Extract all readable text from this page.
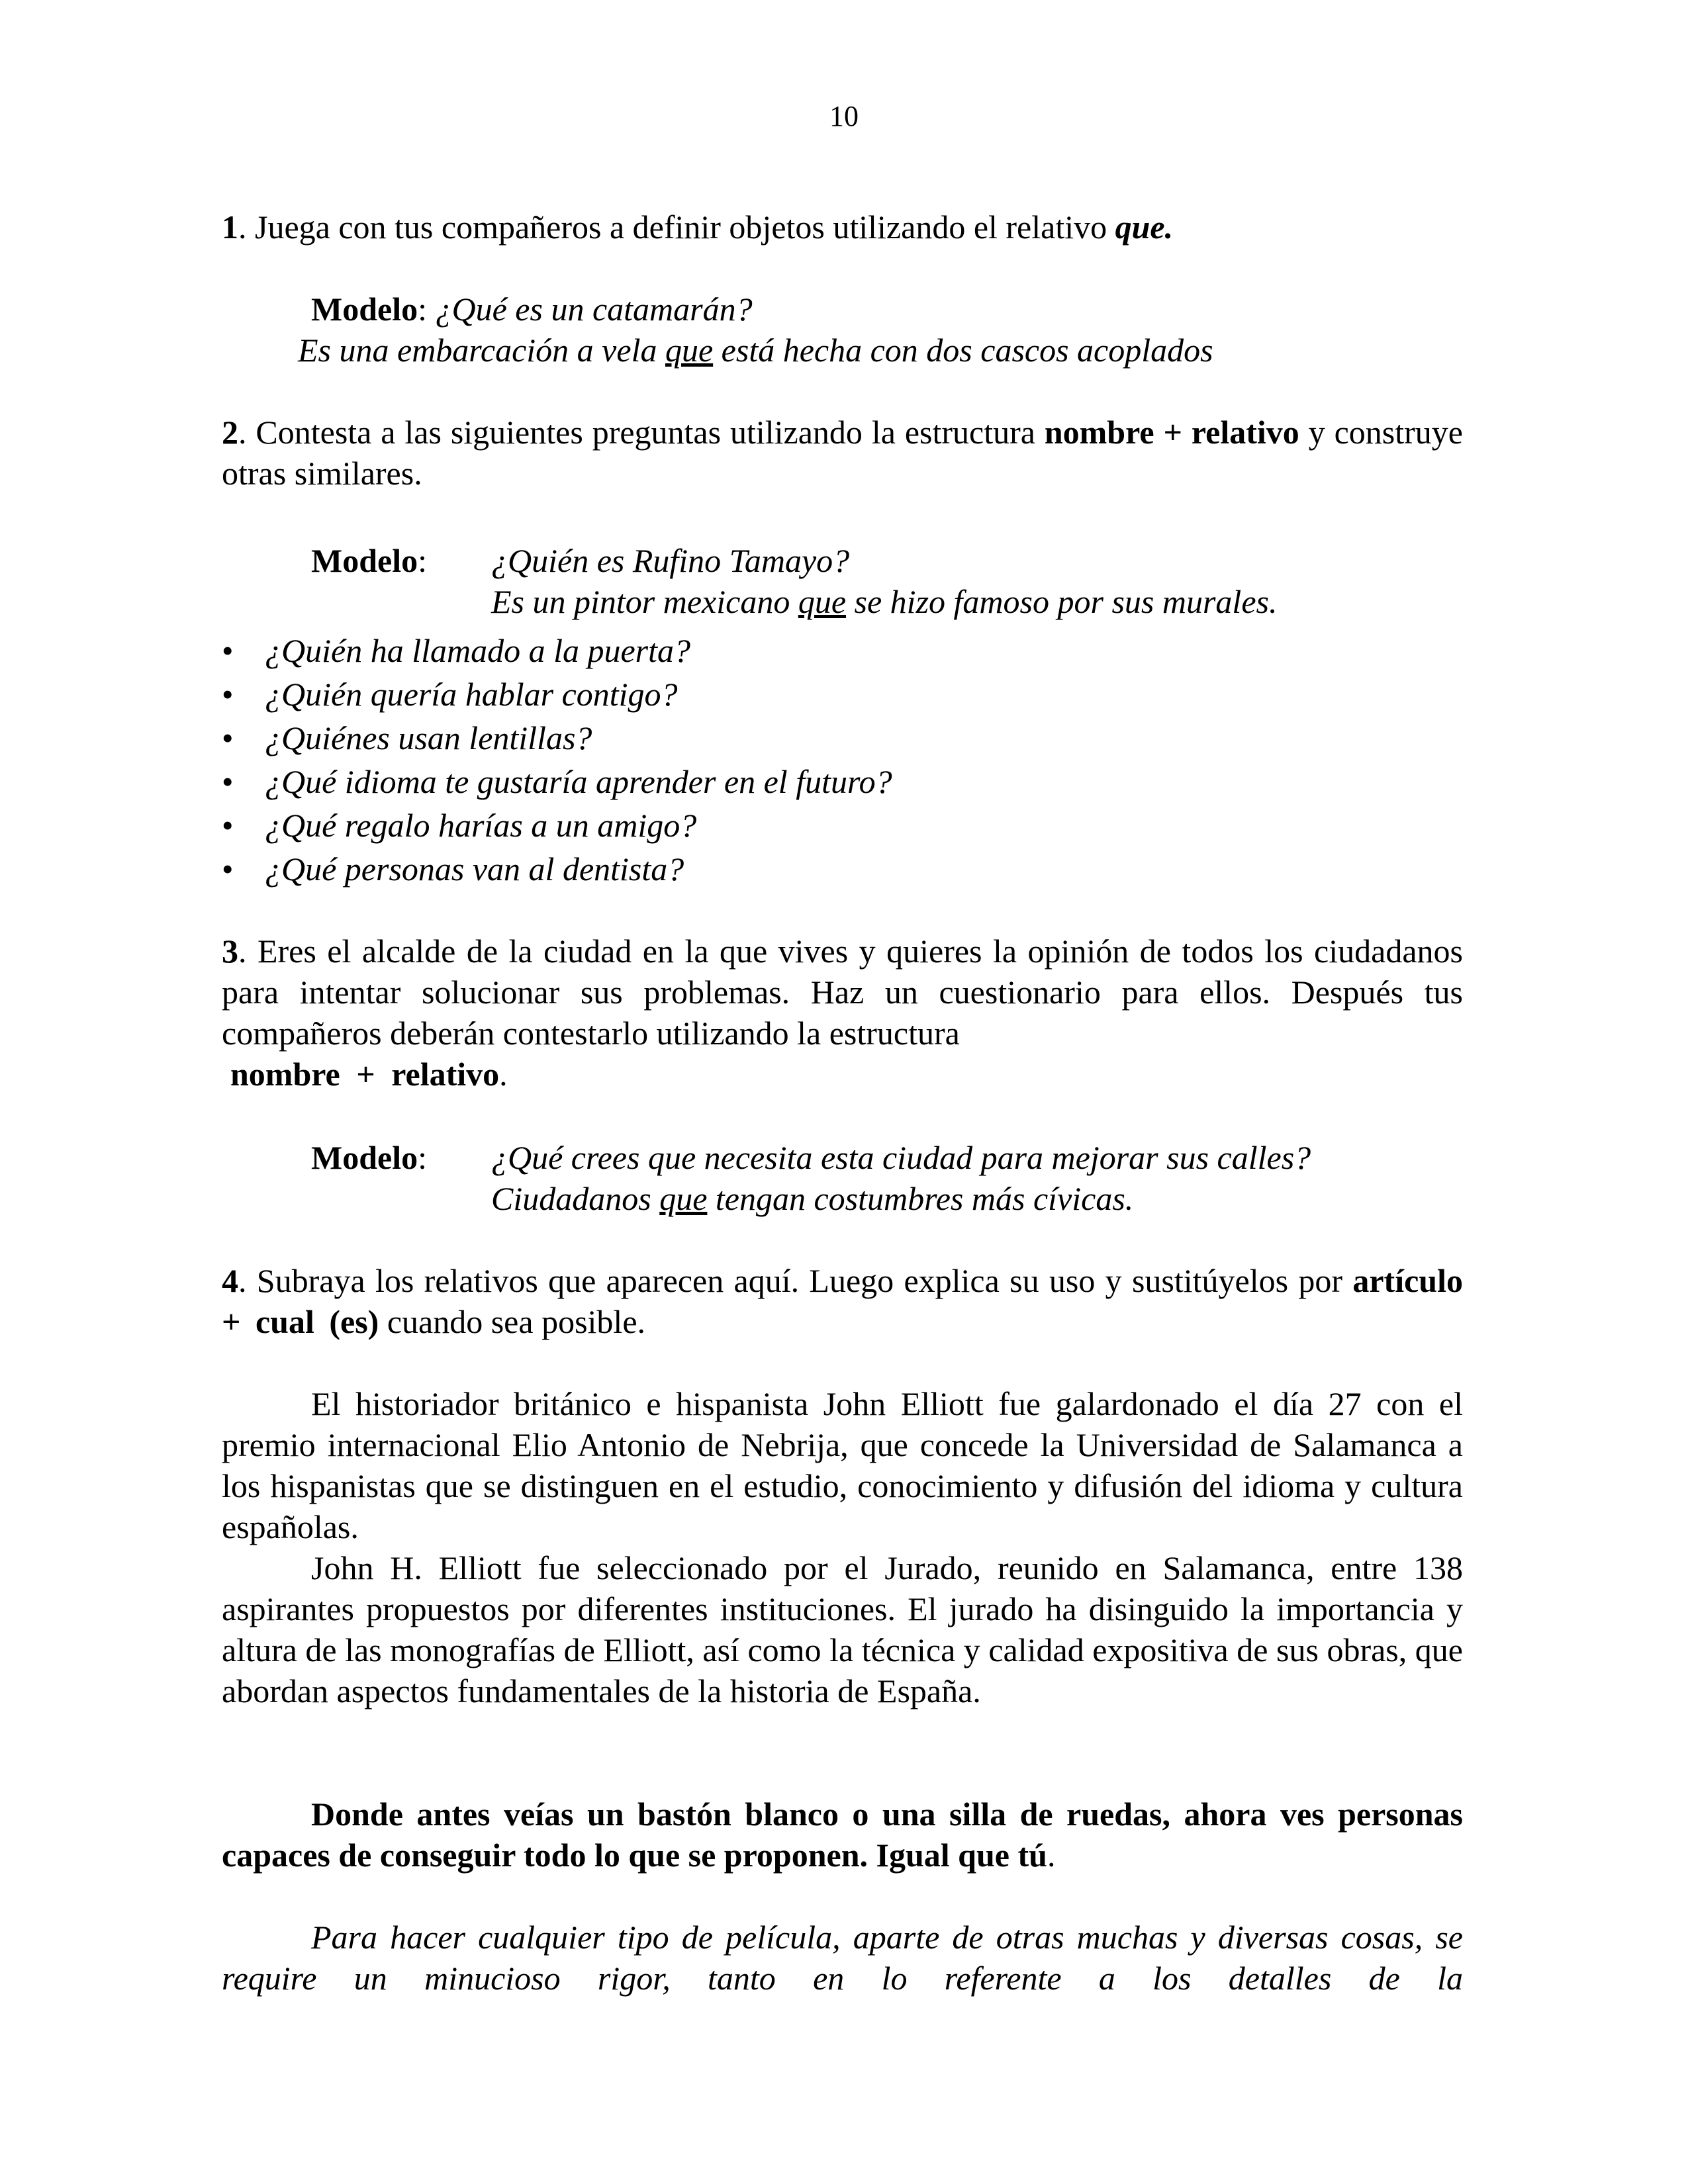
10
1. Juega con tus compañeros a definir objetos utilizando el relativo que.
Modelo: ¿Qué es un catamarán?
Es una embarcación a vela que está hecha con dos cascos acoplados
2. Contesta a las siguientes preguntas utilizando la estructura nombre + relativo y construye otras similares.
Modelo: ¿Quién es Rufino Tamayo?
Es un pintor mexicano que se hizo famoso por sus murales.
• ¿Quién ha llamado a la puerta?
• ¿Quién quería hablar contigo?
• ¿Quiénes usan lentillas?
• ¿Qué idioma te gustaría aprender en el futuro?
• ¿Qué regalo harías a un amigo?
• ¿Qué personas van al dentista?
3. Eres el alcalde de la ciudad en la que vives y quieres la opinión de todos los ciudadanos para intentar solucionar sus problemas. Haz un cuestionario para ellos. Después tus compañeros deberán contestarlo utilizando la estructura
nombre + relativo.
Modelo: ¿Qué crees que necesita esta ciudad para mejorar sus calles?
Ciudadanos que tengan costumbres más cívicas.
4. Subraya los relativos que aparecen aquí. Luego explica su uso y sustitúyelos por artículo + cual (es) cuando sea posible.
El historiador británico e hispanista John Elliott fue galardonado el día 27 con el premio internacional Elio Antonio de Nebrija, que concede la Universidad de Salamanca a los hispanistas que se distinguen en el estudio, conocimiento y difusión del idioma y cultura españolas.
John H. Elliott fue seleccionado por el Jurado, reunido en Salamanca, entre 138 aspirantes propuestos por diferentes instituciones. El jurado ha disinguido la importancia y altura de las monografías de Elliott, así como la técnica y calidad expositiva de sus obras, que abordan aspectos fundamentales de la historia de España.
Donde antes veías un bastón blanco o una silla de ruedas, ahora ves personas capaces de conseguir todo lo que se proponen. Igual que tú.
Para hacer cualquier tipo de película, aparte de otras muchas y diversas cosas, se require un minucioso rigor, tanto en lo referente a los detalles de la
